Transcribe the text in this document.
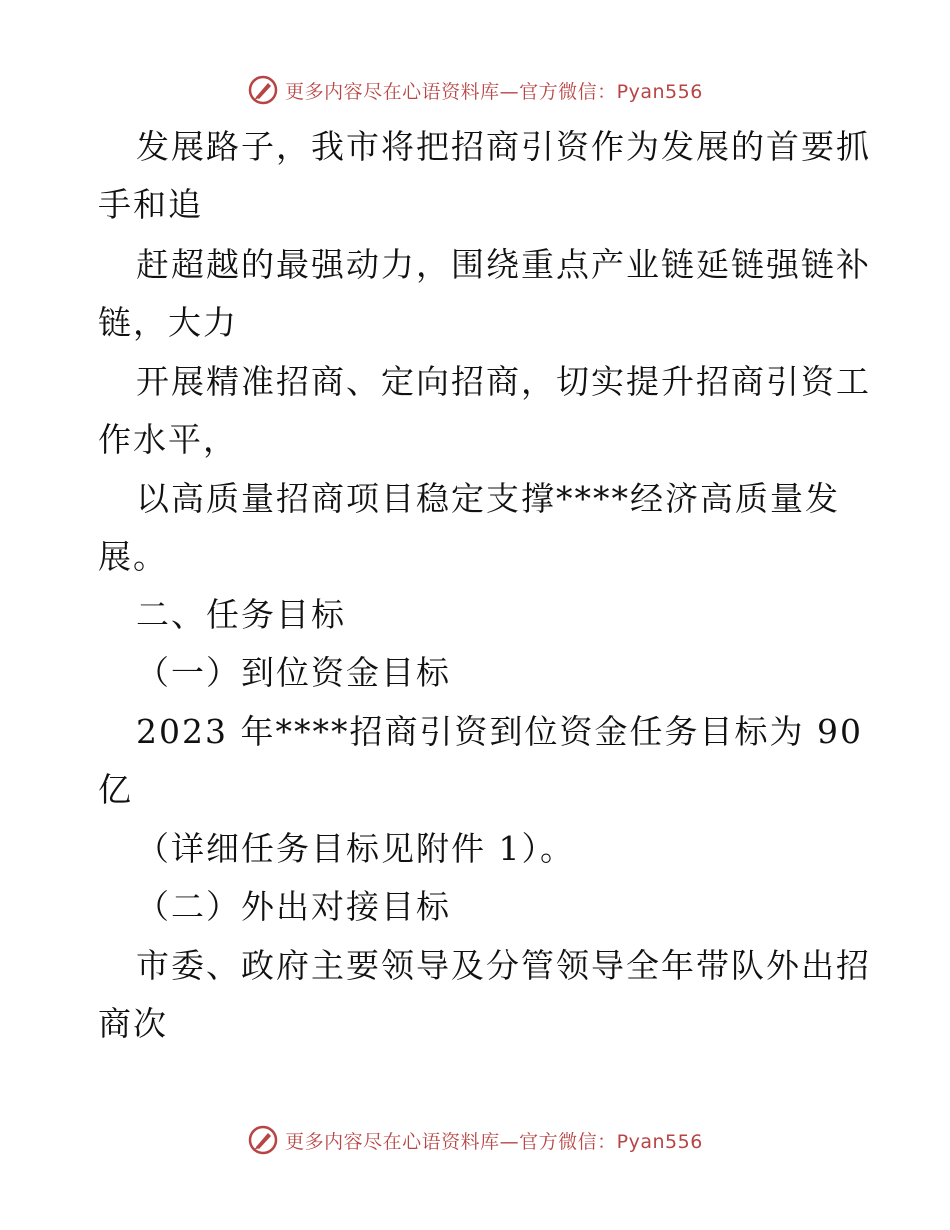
更多内容尽在心语资料库—官方微信：Pyan556
发展路子，我市将把招商引资作为发展的首要抓
手和追
赶超越的最强动力，围绕重点产业链延链强链补
链，大力
开展精准招商、定向招商，切实提升招商引资工
作水平，
以高质量招商项目稳定支撑****经济高质量发
展。
二、任务目标
（一）到位资金目标
2023 年****招商引资到位资金任务目标为 90
亿
（详细任务目标见附件 1）。
（二）外出对接目标
市委、政府主要领导及分管领导全年带队外出招
商次
更多内容尽在心语资料库—官方微信：Pyan556
